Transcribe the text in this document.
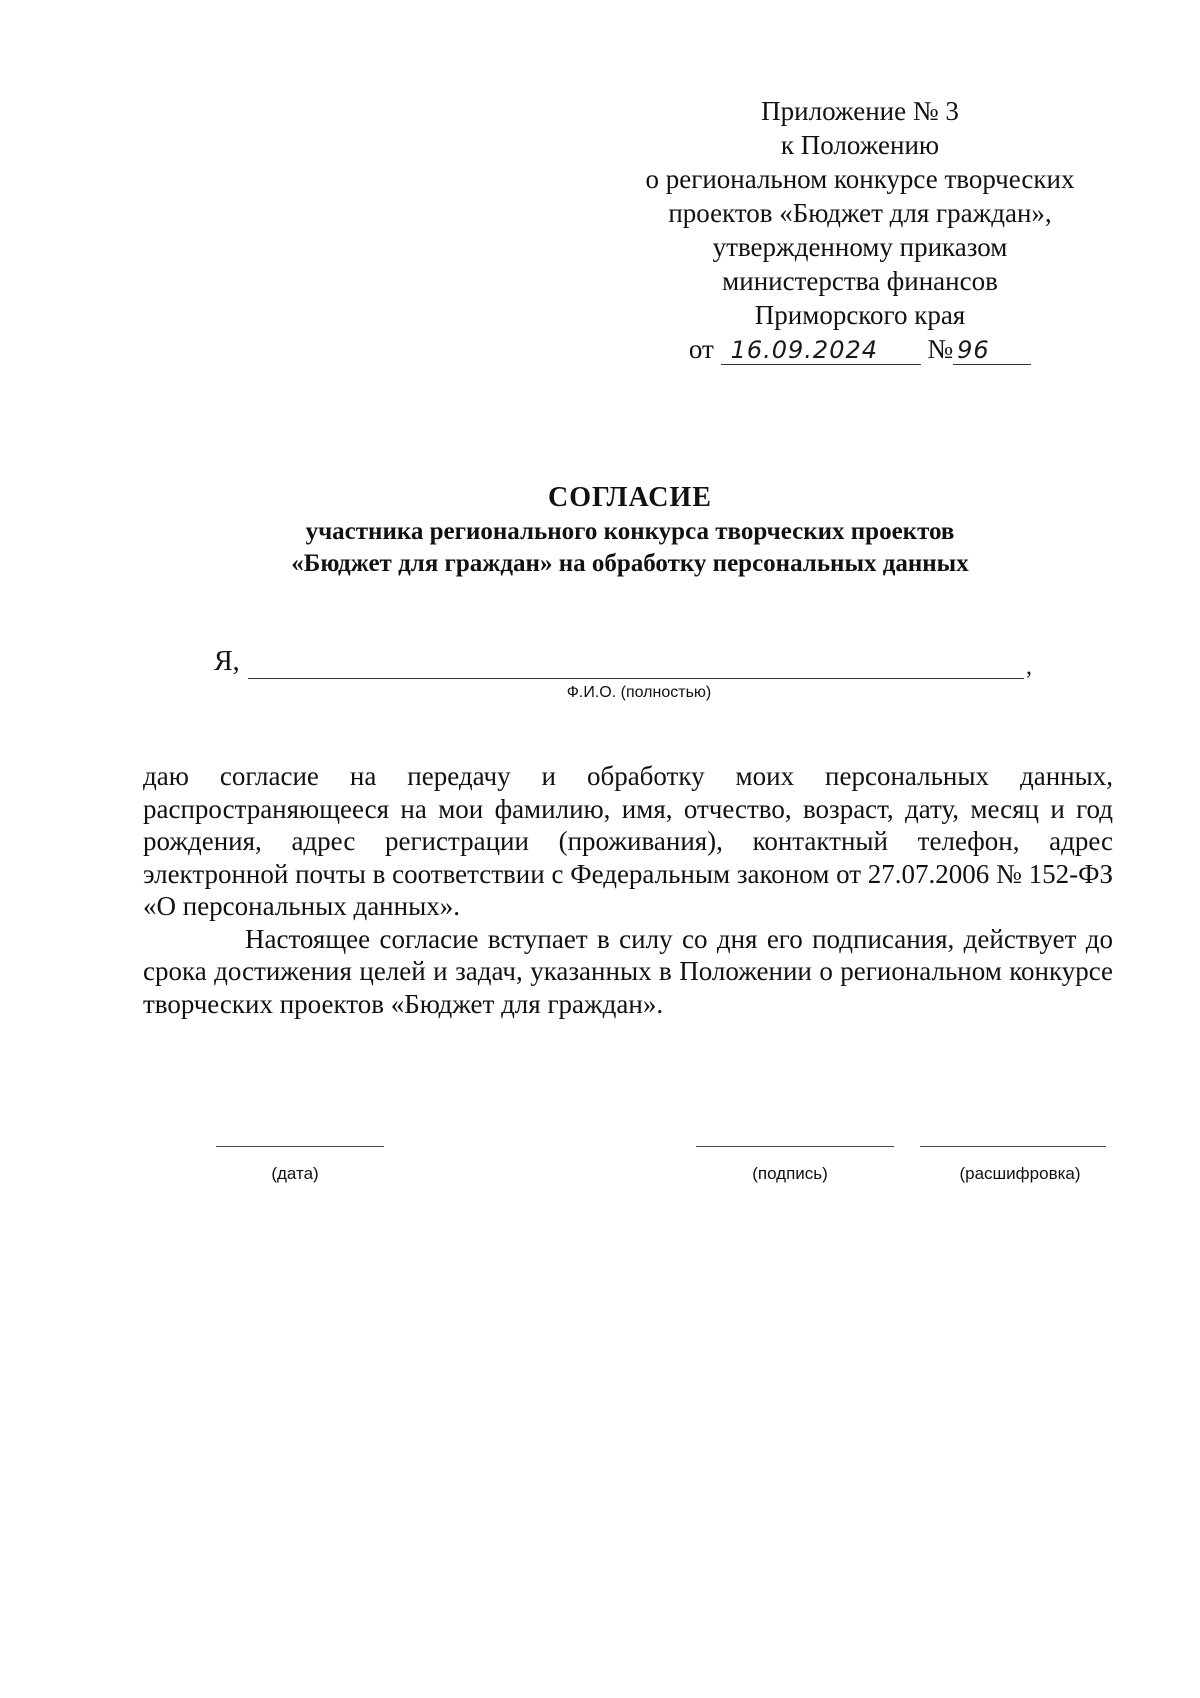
Приложение № 3
к Положению
о региональном конкурсе творческих
проектов «Бюджет для граждан»,
утвержденному приказом
министерства финансов
Приморского края
от 16.09.2024 № 96
СОГЛАСИЕ
участника регионального конкурса творческих проектов
«Бюджет для граждан» на обработку персональных данных
Я,	,
Ф.И.О. (полностью)

даю согласие на передачу и обработку моих персональных данных, распространяющееся на мои фамилию, имя, отчество, возраст, дату, месяц и год рождения, адрес регистрации (проживания), контактный телефон, адрес электронной почты в соответствии с Федеральным законом от 27.07.2006 № 152-ФЗ «О персональных данных».

Настоящее согласие вступает в силу со дня его подписания, действует до срока достижения целей и задач, указанных в Положении о региональном конкурсе творческих проектов «Бюджет для граждан».

(дата)	(подпись)	(расшифровка)
